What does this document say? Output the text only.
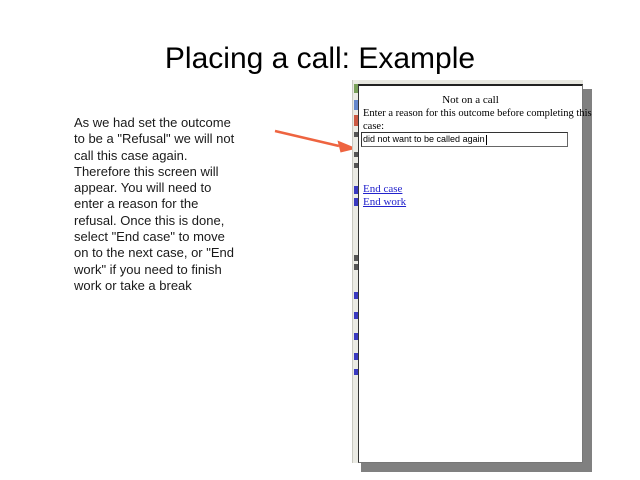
Placing a call: Example
As we had set the outcome
to be a "Refusal" we will not
call this case again.
Therefore this screen will
appear. You will need to
enter a reason for the
refusal. Once this is done,
select "End case" to move
on to the next case, or "End
work" if you need to finish
work or take a break
Not on a call
Enter a reason for this outcome before completing this
case:
did not want to be called again
End case
End work
